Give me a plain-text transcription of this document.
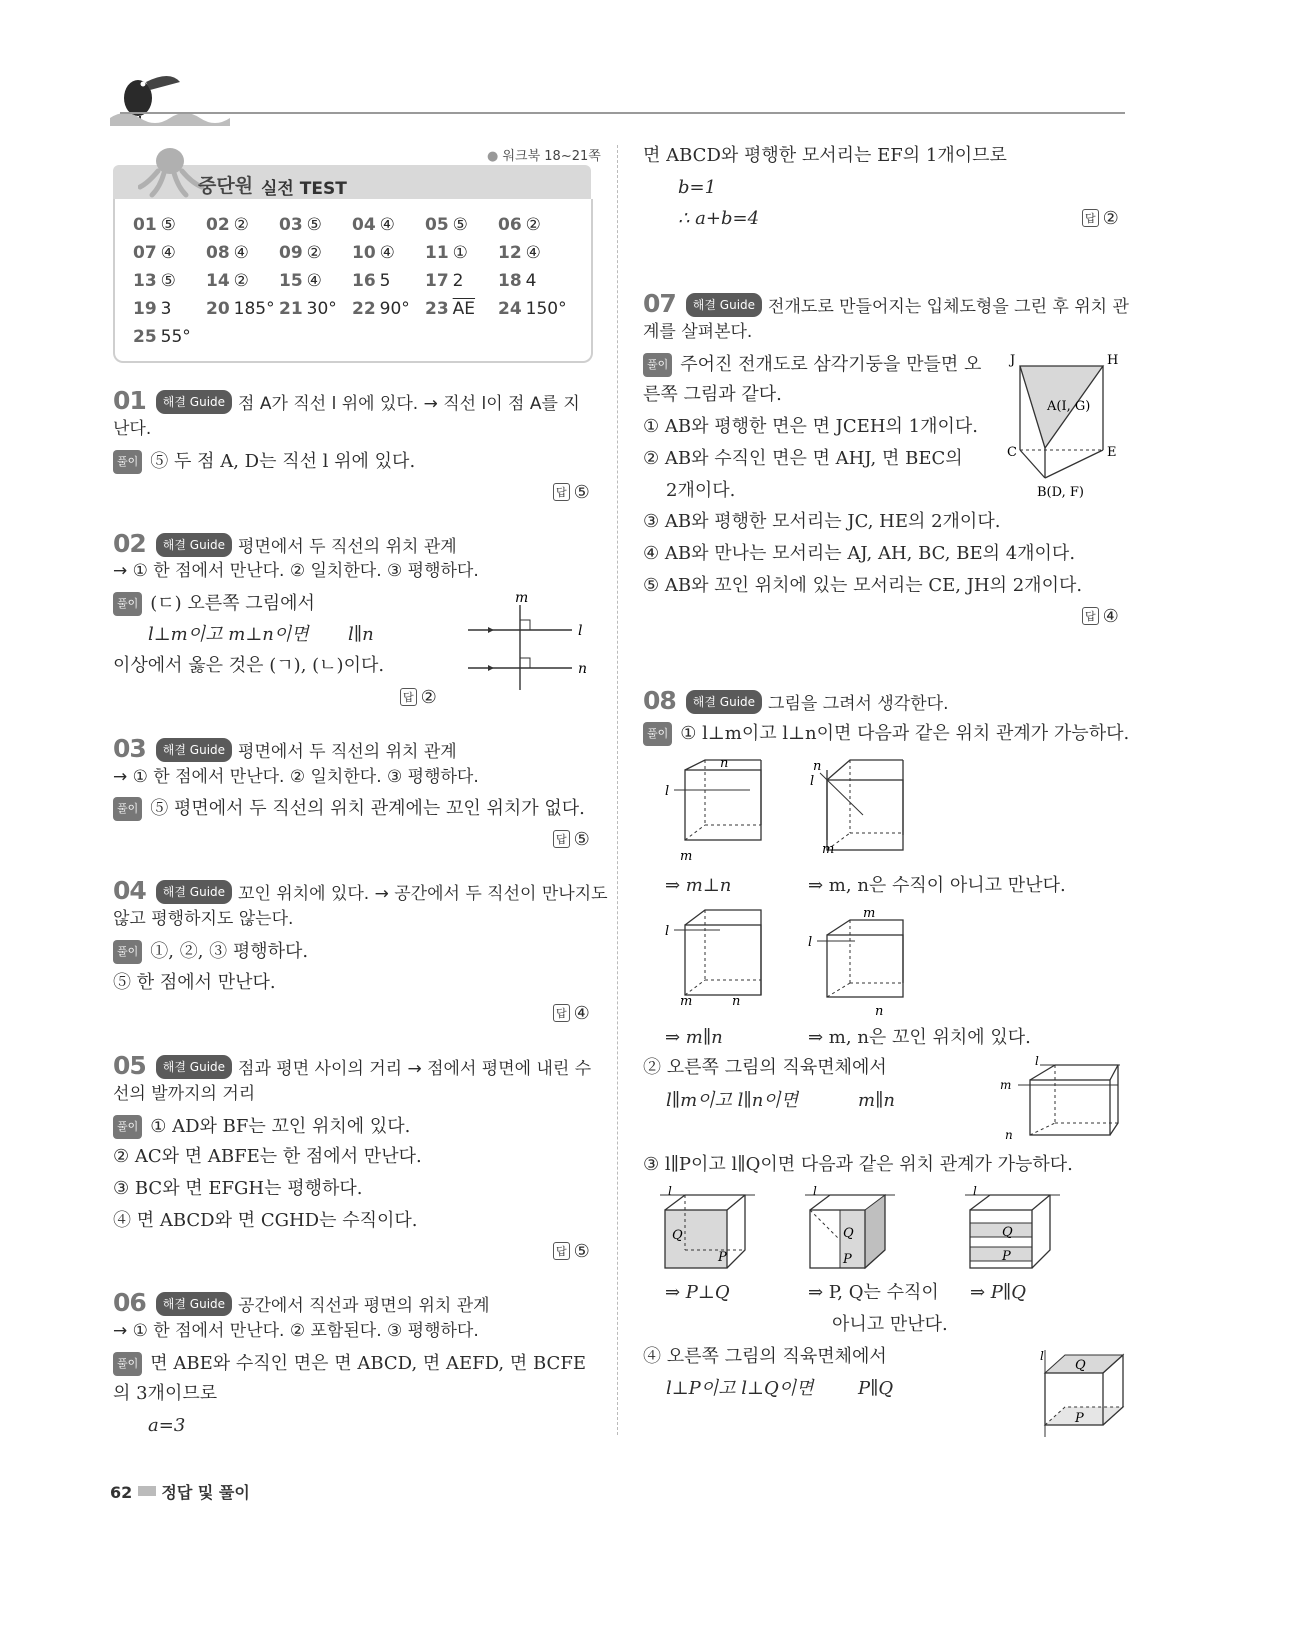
● 워크북 18~21쪽
중단원 실전 TEST
01 ⑤ 02 ② 03 ⑤ 04 ④ 05 ⑤ 06 ②
07 ④ 08 ④ 09 ② 10 ④ 11 ① 12 ④
13 ⑤ 14 ② 15 ④ 16 5 17 2 18 4
19 3 20 185° 21 30° 22 90° 23 $\overline{AE}$ 24 150°
25 55°
01 해결 Guide 점 A가 직선 l 위에 있다. → 직선 l이 점 A를 지
난다.
풀이 ⑤ 두 점 A, D는 직선 l 위에 있다.
답 ⑤
02 해결 Guide 평면에서 두 직선의 위치 관계
→ ① 한 점에서 만난다. ② 일치한다. ③ 평행하다.
풀이 (ㄷ) 오른쪽 그림에서
l⊥m이고 m⊥n이면 l∥n
이상에서 옳은 것은 (ㄱ), (ㄴ)이다.
답 ②
m
l
n
03 해결 Guide 평면에서 두 직선의 위치 관계
→ ① 한 점에서 만난다. ② 일치한다. ③ 평행하다.
풀이 ⑤ 평면에서 두 직선의 위치 관계에는 꼬인 위치가 없다.
답 ⑤
04 해결 Guide 꼬인 위치에 있다. → 공간에서 두 직선이 만나지도
않고 평행하지도 않는다.
풀이 ①, ②, ③ 평행하다.
⑤ 한 점에서 만난다.
답 ④
05 해결 Guide 점과 평면 사이의 거리 → 점에서 평면에 내린 수
선의 발까지의 거리
풀이 ① AD와 BF는 꼬인 위치에 있다.
② AC와 면 ABFE는 한 점에서 만난다.
③ BC와 면 EFGH는 평행하다.
④ 면 ABCD와 면 CGHD는 수직이다.
답 ⑤
06 해결 Guide 공간에서 직선과 평면의 위치 관계
→ ① 한 점에서 만난다. ② 포함된다. ③ 평행하다.
풀이 면 ABE와 수직인 면은 면 ABCD, 면 AEFD, 면 BCFE
의 3개이므로
a=3
면 ABCD와 평행한 모서리는 EF의 1개이므로
b=1
∴ a+b=4	답 ②
07 해결 Guide 전개도로 만들어지는 입체도형을 그린 후 위치 관
계를 살펴본다.
풀이 주어진 전개도로 삼각기둥을 만들면 오
른쪽 그림과 같다.
① AB와 평행한 면은 면 JCEH의 1개이다.
② AB와 수직인 면은 면 AHJ, 면 BEC의
2개이다.
③ AB와 평행한 모서리는 JC, HE의 2개이다.
④ AB와 만나는 모서리는 AJ, AH, BC, BE의 4개이다.
⑤ AB와 꼬인 위치에 있는 모서리는 CE, JH의 2개이다.
답 ④
J	H
A(I, G)
C	E
B(D, F)
08 해결 Guide 그림을 그려서 생각한다.
풀이 ① l⊥m이고 l⊥n이면 다음과 같은 위치 관계가 가능하다.
l
n
m
n
l
m
⇒ m⊥n	⇒ m, n은 수직이 아니고 만난다.
l
m	n
l
m
n
⇒ m∥n	⇒ m, n은 꼬인 위치에 있다.
② 오른쪽 그림의 직육면체에서
l∥m이고 l∥n이면	m∥n
l
m
n
③ l∥P이고 l∥Q이면 다음과 같은 위치 관계가 가능하다.
l
Q
P
l
Q
P
l
Q
P
⇒ P⊥Q	⇒ P, Q는 수직이
아니고 만난다.
⇒ P∥Q
④ 오른쪽 그림의 직육면체에서
l⊥P이고 l⊥Q이면 P∥Q
l
Q
P
62 정답 및 풀이
